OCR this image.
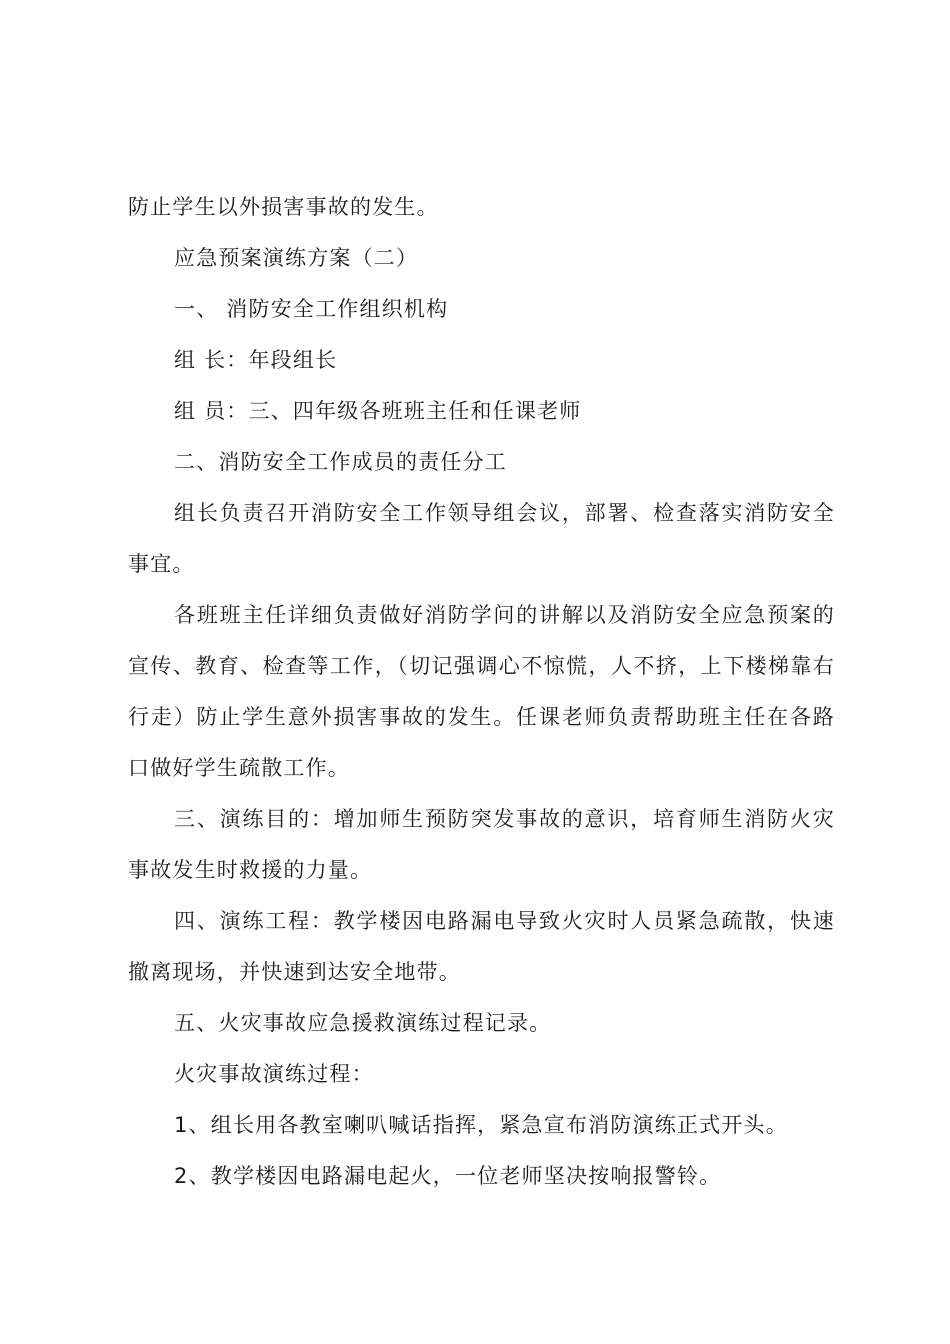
防止学生以外损害事故的发生。

应急预案演练方案（二）

一、 消防安全工作组织机构

组 长：年段组长

组 员：三、四年级各班班主任和任课老师

二、消防安全工作成员的责任分工

组长负责召开消防安全工作领导组会议，部署、检查落实消防安全事宜。

各班班主任详细负责做好消防学问的讲解以及消防安全应急预案的宣传、教育、检查等工作，（切记强调心不惊慌，人不挤，上下楼梯靠右行走）防止学生意外损害事故的发生。任课老师负责帮助班主任在各路口做好学生疏散工作。

三、演练目的：增加师生预防突发事故的意识，培育师生消防火灾事故发生时救援的力量。

四、演练工程：教学楼因电路漏电导致火灾时人员紧急疏散，快速撤离现场，并快速到达安全地带。

五、火灾事故应急援救演练过程记录。

火灾事故演练过程：

1、组长用各教室喇叭喊话指挥，紧急宣布消防演练正式开头。

2、教学楼因电路漏电起火，一位老师坚决按响报警铃。
